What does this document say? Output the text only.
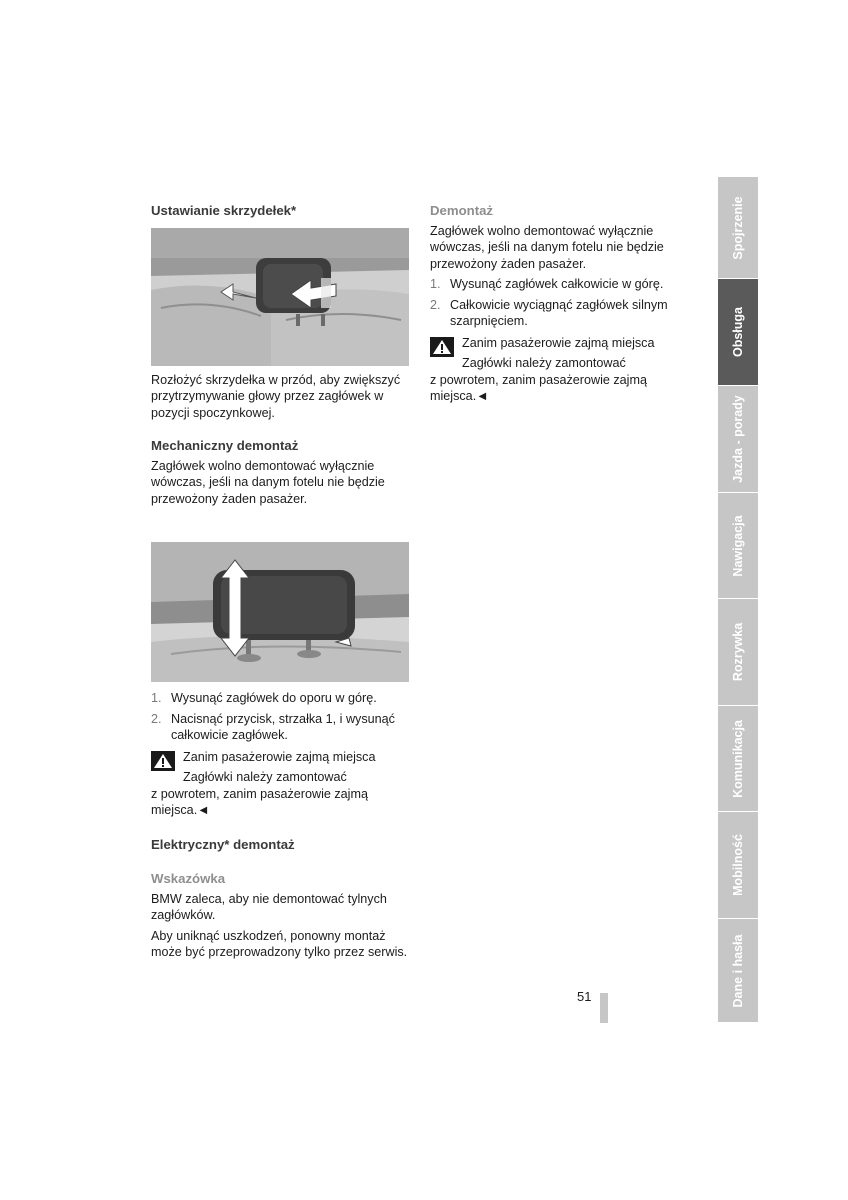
Ustawianie skrzydełek*

Rozłożyć skrzydełka w przód, aby zwiększyć przytrzymywanie głowy przez zagłówek w pozycji spoczynkowej.

Mechaniczny demontaż

Zagłówek wolno demontować wyłącznie wówczas, jeśli na danym fotelu nie będzie przewożony żaden pasażer.

1. Wysunąć zagłówek do oporu w górę.
2. Nacisnąć przycisk, strzałka 1, i wysunąć całkowicie zagłówek.
Zanim pasażerowie zajmą miejsca
Zagłówki należy zamontować
z powrotem, zanim pasażerowie zajmą miejsca.◄
Elektryczny* demontaż
Wskazówka

BMW zaleca, aby nie demontować tylnych zagłówków.

Aby uniknąć uszkodzeń, ponowny montaż może być przeprowadzony tylko przez serwis.

Demontaż

Zagłówek wolno demontować wyłącznie wówczas, jeśli na danym fotelu nie będzie przewożony żaden pasażer.

1. Wysunąć zagłówek całkowicie w górę.
2. Całkowicie wyciągnąć zagłówek silnym szarpnięciem.
Zanim pasażerowie zajmą miejsca
Zagłówki należy zamontować
z powrotem, zanim pasażerowie zajmą miejsca.◄
Spojrzenie
Obsługa
Jazda - porady
Nawigacja
Rozrywka
Komunikacja
Mobilność
Dane i hasła
51
